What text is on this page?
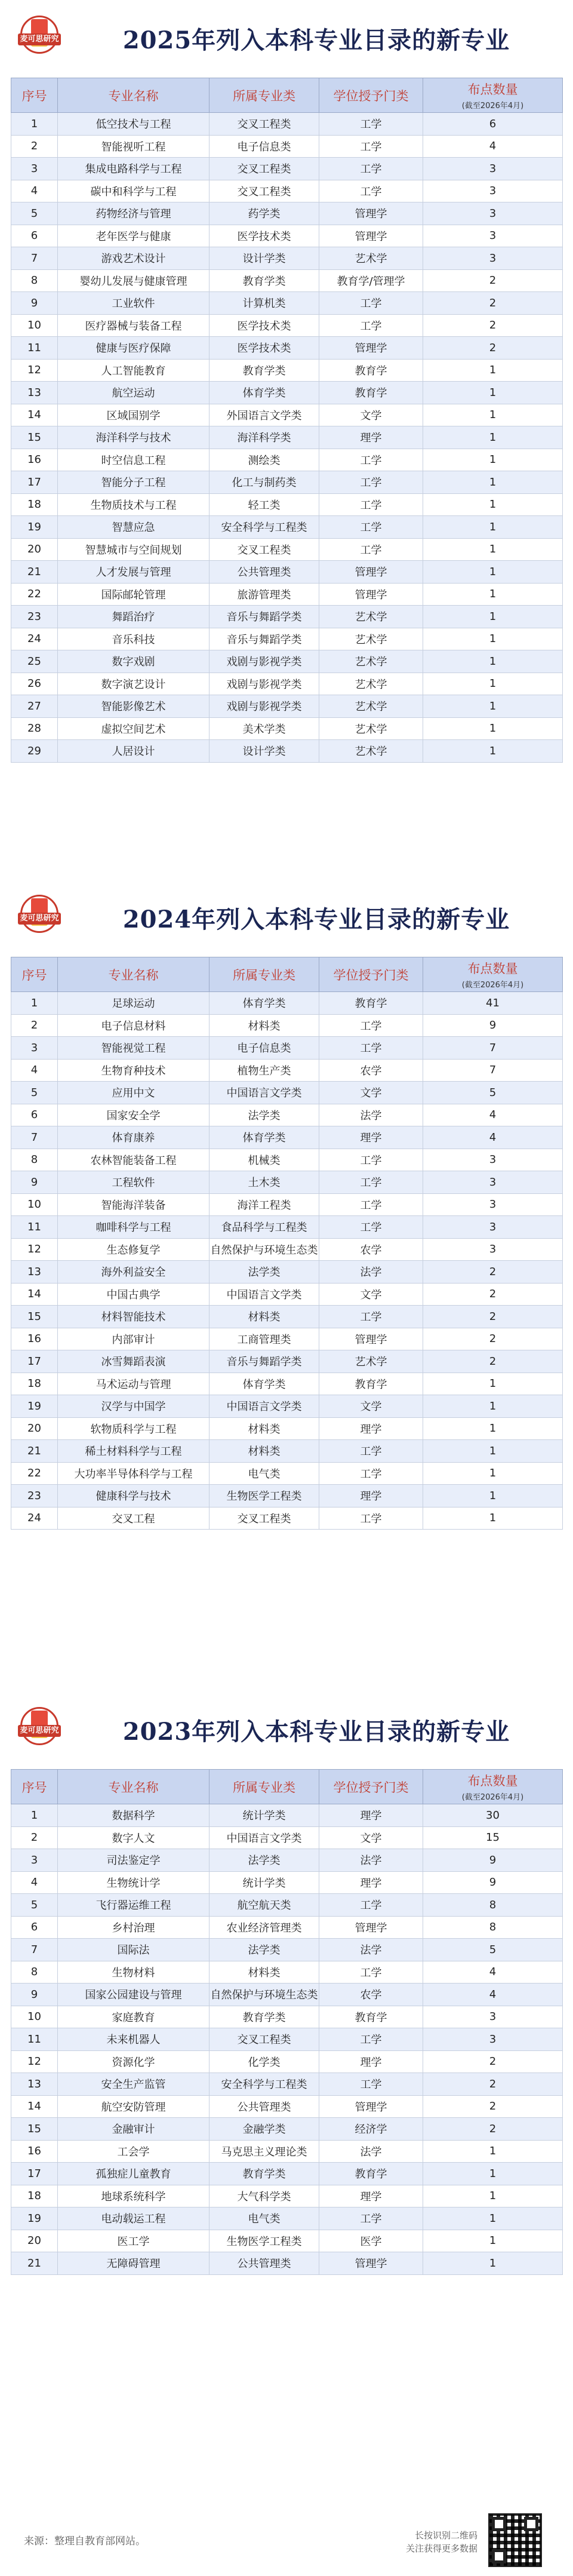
麦可思研究	2025年列入本科专业目录的新专业
序号	专业名称	所属专业类	学位授予门类	布点数量
(截至2026年4月)

1	低空技术与工程	交叉工程类	工学	6
2	智能视听工程	电子信息类	工学	4
3	集成电路科学与工程	交叉工程类	工学	3
4	碳中和科学与工程	交叉工程类	工学	3
5	药物经济与管理	药学类	管理学	3
6	老年医学与健康	医学技术类	管理学	3
7	游戏艺术设计	设计学类	艺术学	3
8	婴幼儿发展与健康管理	教育学类	教育学/管理学	2
9	工业软件	计算机类	工学	2
10	医疗器械与装备工程	医学技术类	工学	2
11	健康与医疗保障	医学技术类	管理学	2
12	人工智能教育	教育学类	教育学	1
13	航空运动	体育学类	教育学	1
14	区域国别学	外国语言文学类	文学	1
15	海洋科学与技术	海洋科学类	理学	1
16	时空信息工程	测绘类	工学	1
17	智能分子工程	化工与制药类	工学	1
18	生物质技术与工程	轻工类	工学	1
19	智慧应急	安全科学与工程类	工学	1
20	智慧城市与空间规划	交叉工程类	工学	1
21	人才发展与管理	公共管理类	管理学	1
22	国际邮轮管理	旅游管理类	管理学	1
23	舞蹈治疗	音乐与舞蹈学类	艺术学	1
24	音乐科技	音乐与舞蹈学类	艺术学	1
25	数字戏剧	戏剧与影视学类	艺术学	1
26	数字演艺设计	戏剧与影视学类	艺术学	1
27	智能影像艺术	戏剧与影视学类	艺术学	1
28	虚拟空间艺术	美术学类	艺术学	1
29	人居设计	设计学类	艺术学	1
麦可思研究	2024年列入本科专业目录的新专业
序号	专业名称	所属专业类	学位授予门类	布点数量
(截至2026年4月)

1	足球运动	体育学类	教育学	41
2	电子信息材料	材料类	工学	9
3	智能视觉工程	电子信息类	工学	7
4	生物育种技术	植物生产类	农学	7
5	应用中文	中国语言文学类	文学	5
6	国家安全学	法学类	法学	4
7	体育康养	体育学类	理学	4
8	农林智能装备工程	机械类	工学	3
9	工程软件	土木类	工学	3
10	智能海洋装备	海洋工程类	工学	3
11	咖啡科学与工程	食品科学与工程类	工学	3
12	生态修复学	自然保护与环境生态类	农学	3
13	海外利益安全	法学类	法学	2
14	中国古典学	中国语言文学类	文学	2
15	材料智能技术	材料类	工学	2
16	内部审计	工商管理类	管理学	2
17	冰雪舞蹈表演	音乐与舞蹈学类	艺术学	2
18	马术运动与管理	体育学类	教育学	1
19	汉学与中国学	中国语言文学类	文学	1
20	软物质科学与工程	材料类	理学	1
21	稀土材料科学与工程	材料类	工学	1
22	大功率半导体科学与工程	电气类	工学	1
23	健康科学与技术	生物医学工程类	理学	1
24	交叉工程	交叉工程类	工学	1
麦可思研究	2023年列入本科专业目录的新专业
序号	专业名称	所属专业类	学位授予门类	布点数量
(截至2026年4月)

1	数据科学	统计学类	理学	30
2	数字人文	中国语言文学类	文学	15
3	司法鉴定学	法学类	法学	9
4	生物统计学	统计学类	理学	9
5	飞行器运维工程	航空航天类	工学	8
6	乡村治理	农业经济管理类	管理学	8
7	国际法	法学类	法学	5
8	生物材料	材料类	工学	4
9	国家公园建设与管理	自然保护与环境生态类	农学	4
10	家庭教育	教育学类	教育学	3
11	未来机器人	交叉工程类	工学	3
12	资源化学	化学类	理学	2
13	安全生产监管	安全科学与工程类	工学	2
14	航空安防管理	公共管理类	管理学	2
15	金融审计	金融学类	经济学	2
16	工会学	马克思主义理论类	法学	1
17	孤独症儿童教育	教育学类	教育学	1
18	地球系统科学	大气科学类	理学	1
19	电动载运工程	电气类	工学	1
20	医工学	生物医学工程类	医学	1
21	无障碍管理	公共管理类	管理学	1
来源：整理自教育部网站。	长按识别二维码
关注获得更多数据
